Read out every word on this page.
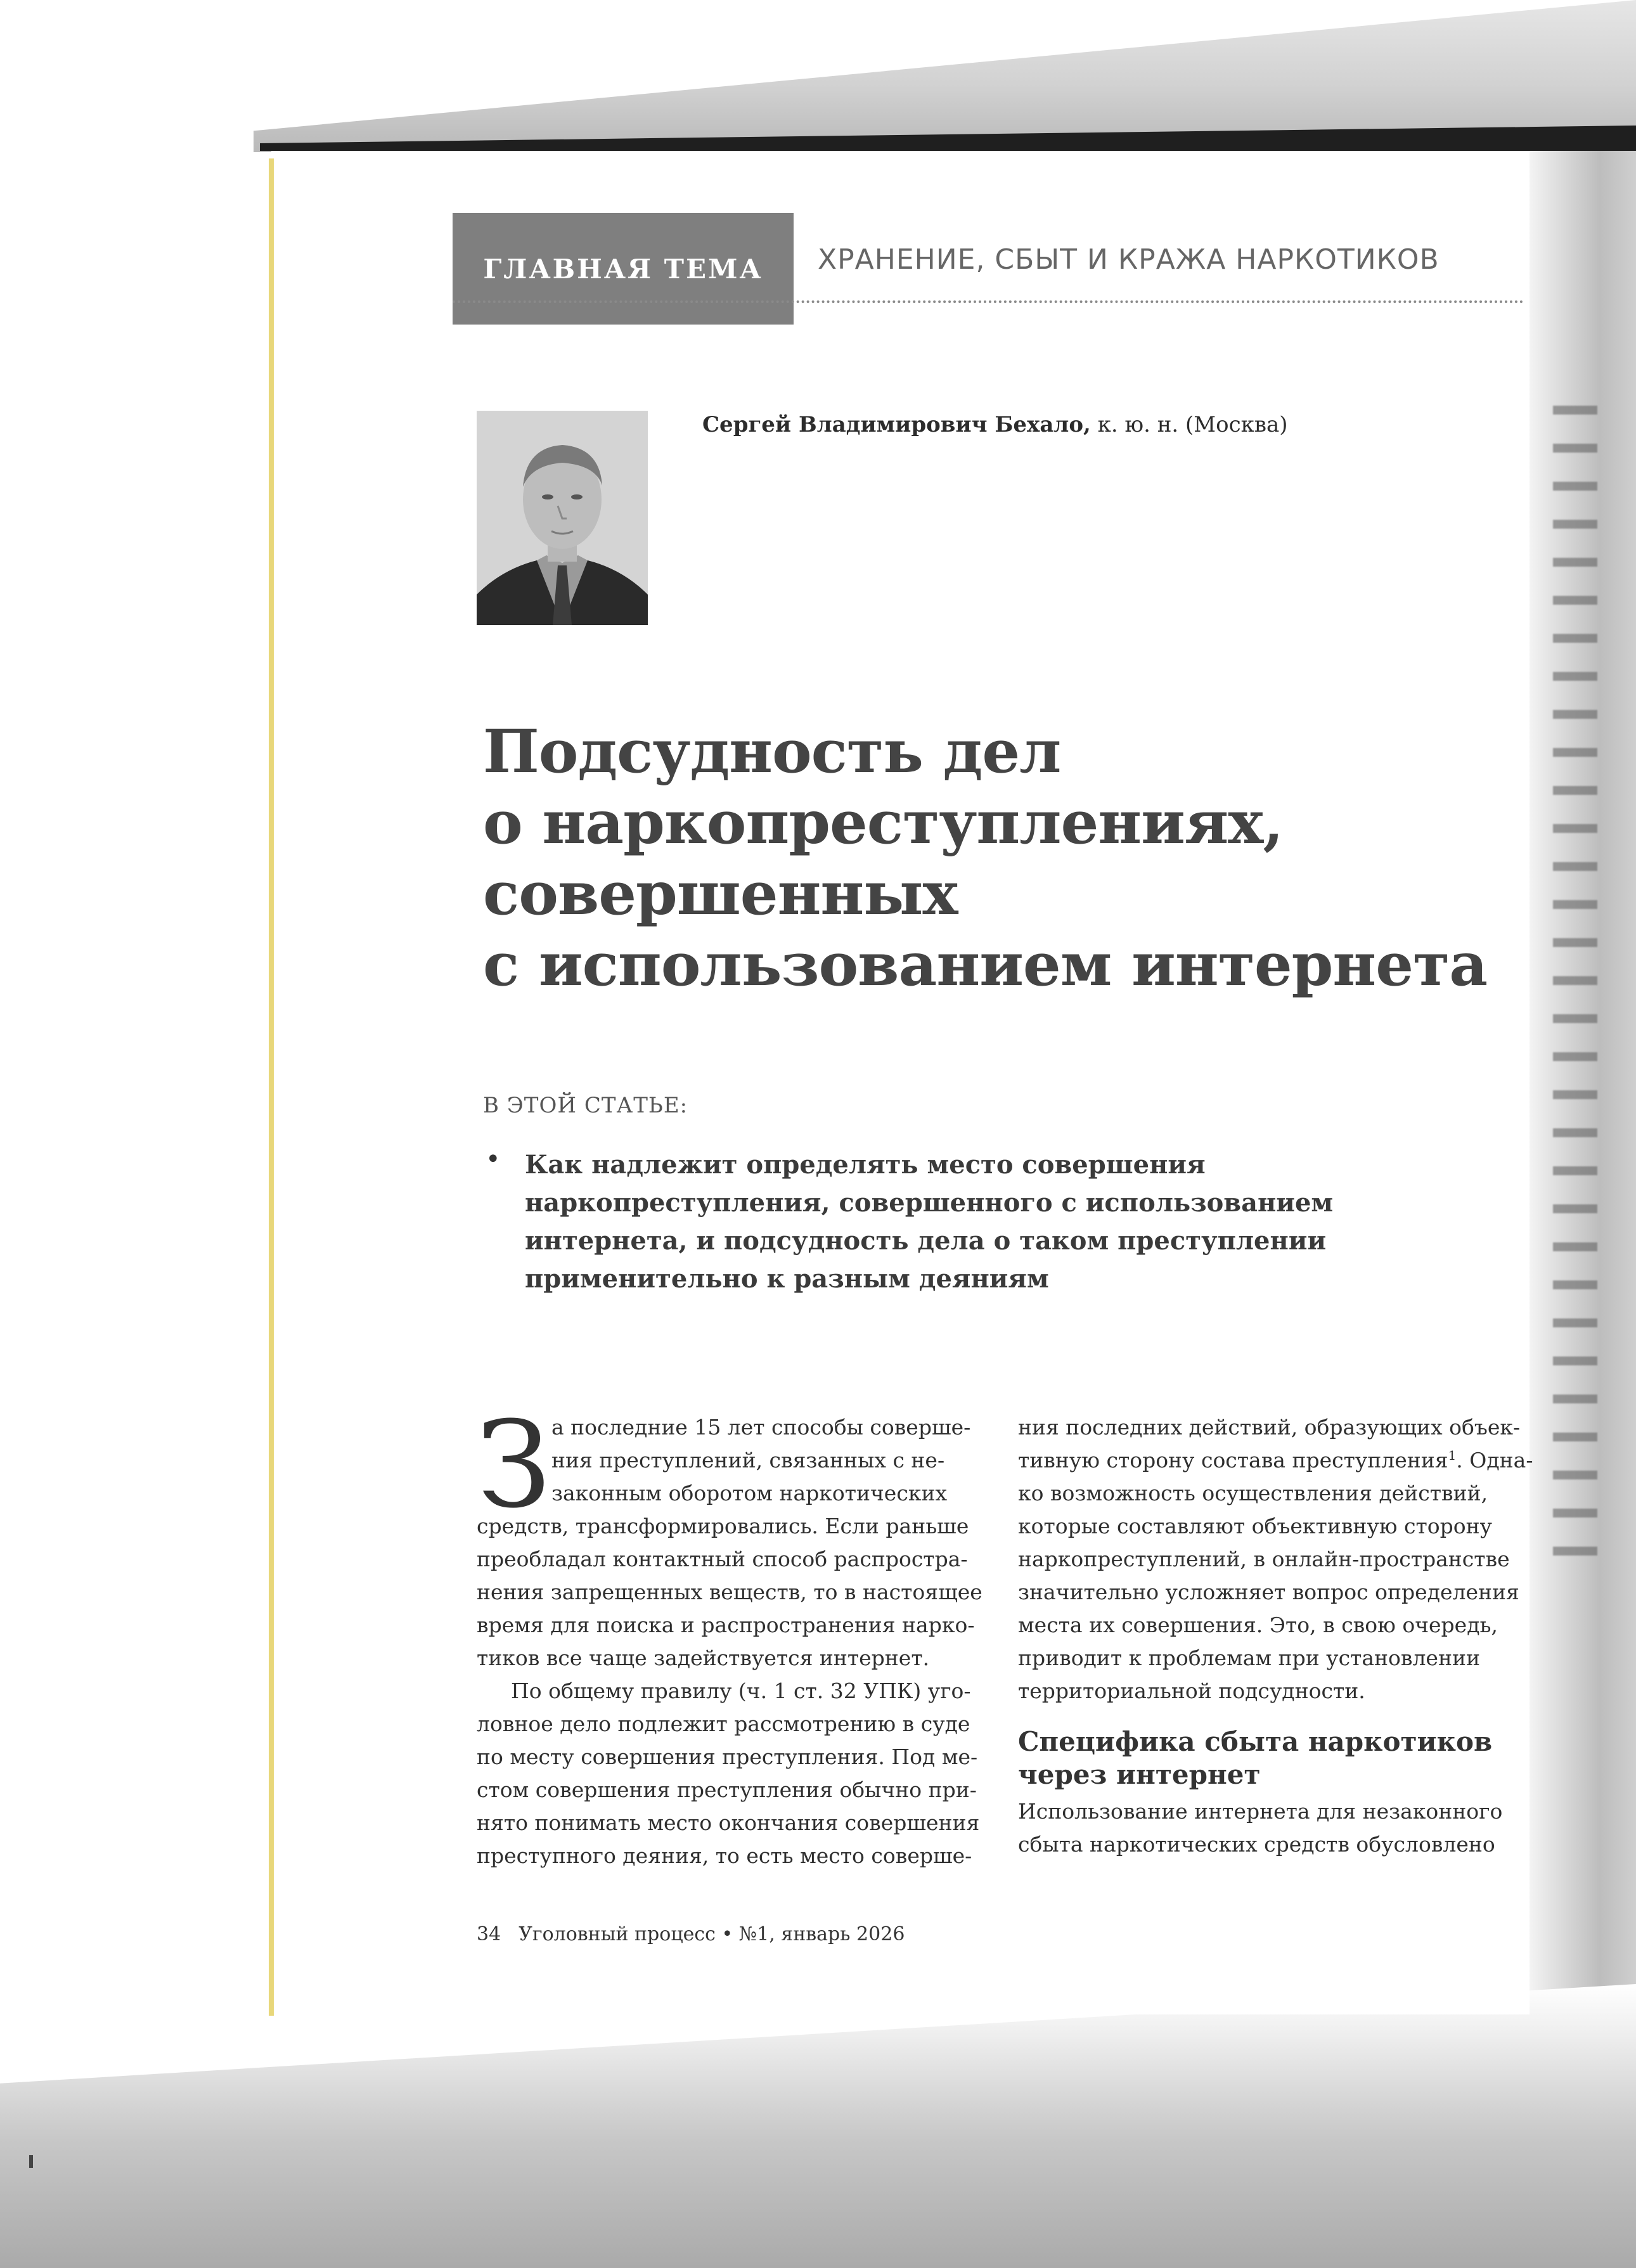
ГЛАВНАЯ ТЕМА ХРАНЕНИЕ, СБЫТ И КРАЖА НАРКОТИКОВ
Сергей Владимирович Бехало, к. ю. н. (Москва)
Подсудность дел
о наркопреступлениях,
совершенных
с использованием интернета
В ЭТОЙ СТАТЬЕ:
• Как надлежит определять место совершения наркопреступления, совершенного с использованием интернета, и подсудность дела о таком преступлении применительно к разным деяниям
З а последние 15 лет способы соверше-
ния преступлений, связанных с не-
законным оборотом наркотических
средств, трансформировались. Если раньше
преобладал контактный способ распростра-
нения запрещенных веществ, то в настоящее
время для поиска и распространения нарко-
тиков все чаще задействуется интернет.
По общему правилу (ч. 1 ст. 32 УПК) уго-
ловное дело подлежит рассмотрению в суде
по месту совершения преступления. Под ме-
стом совершения преступления обычно при-
нято понимать место окончания совершения
преступного деяния, то есть место соверше-
ния последних действий, образующих объек-
тивную сторону состава преступления$^1$. Одна-
ко возможность осуществления действий,
которые составляют объективную сторону
наркопреступлений, в онлайн-пространстве
значительно усложняет вопрос определения
места их совершения. Это, в свою очередь,
приводит к проблемам при установлении
территориальной подсудности.
Специфика сбыта наркотиков
через интернет
Использование интернета для незаконного
сбыта наркотических средств обусловлено
34 Уголовный процесс • №1, январь 2026
